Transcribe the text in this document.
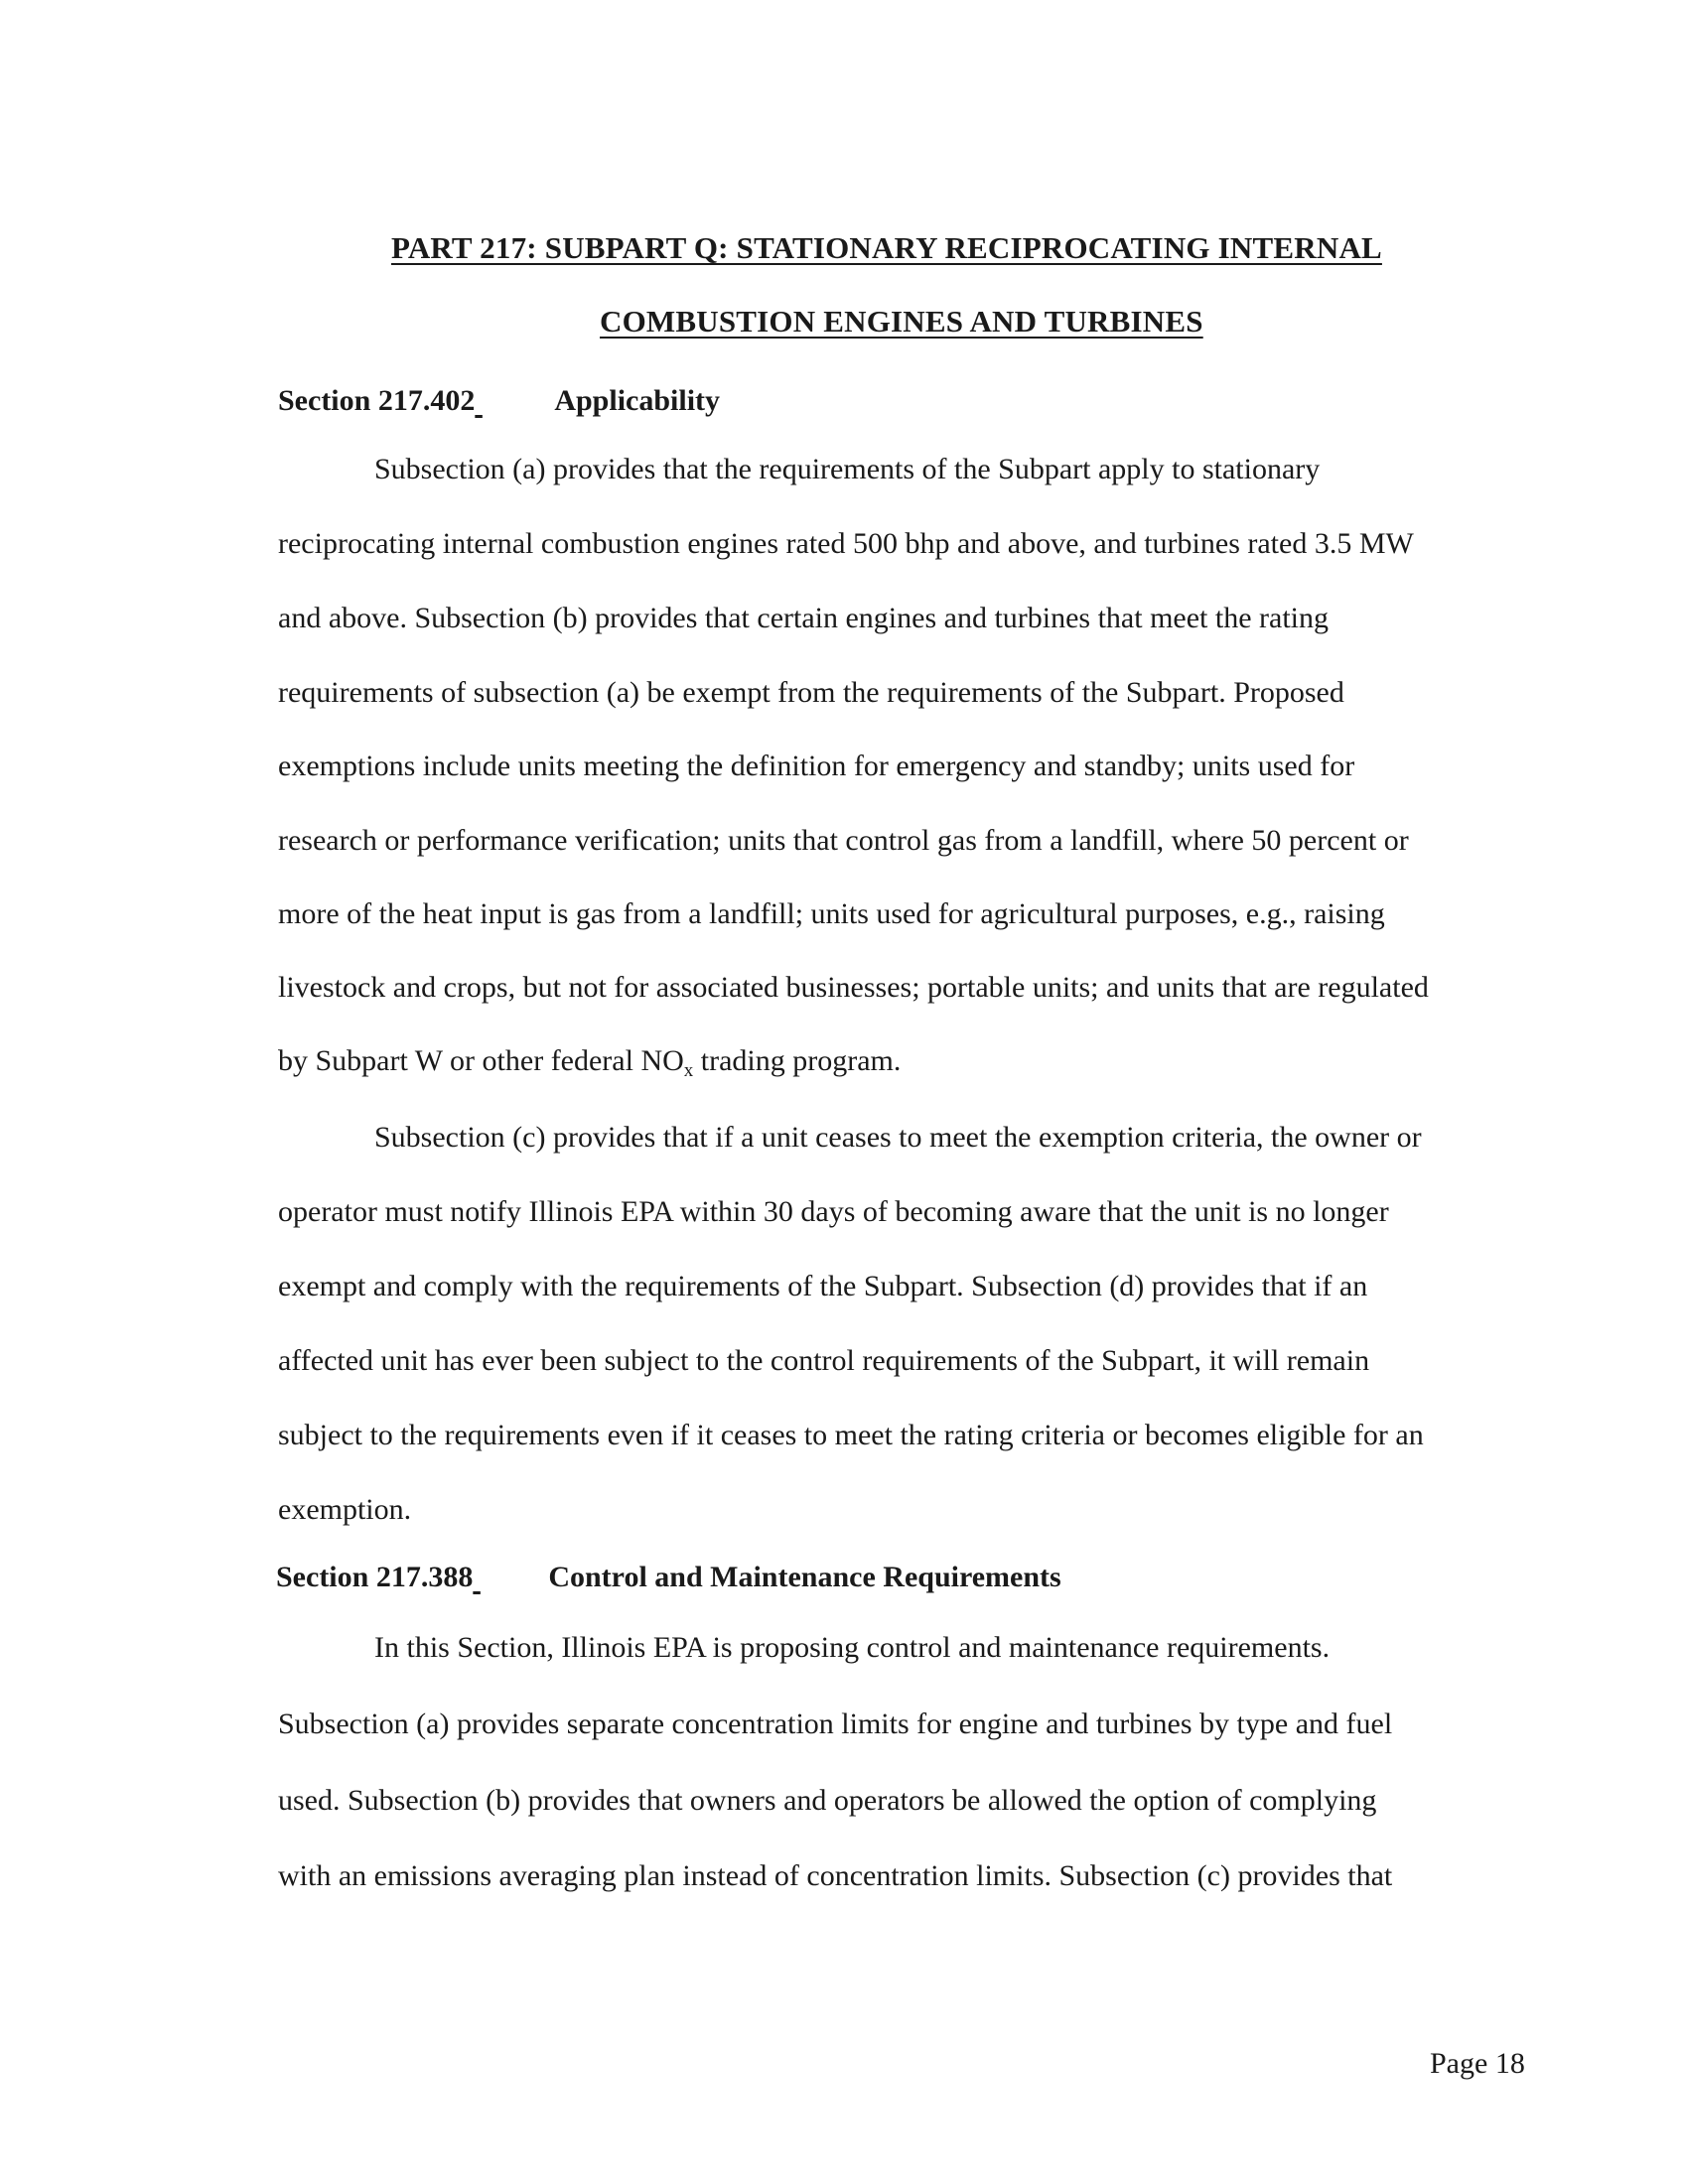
PART 217: SUBPART Q: STATIONARY RECIPROCATING INTERNAL
COMBUSTION ENGINES AND TURBINES
Section 217.402	Applicability
Subsection (a) provides that the requirements of the Subpart apply to stationary
reciprocating internal combustion engines rated 500 bhp and above, and turbines rated 3.5 MW
and above. Subsection (b) provides that certain engines and turbines that meet the rating
requirements of subsection (a) be exempt from the requirements of the Subpart. Proposed
exemptions include units meeting the definition for emergency and standby; units used for
research or performance verification; units that control gas from a landfill, where 50 percent or
more of the heat input is gas from a landfill; units used for agricultural purposes, e.g., raising
livestock and crops, but not for associated businesses; portable units; and units that are regulated
by Subpart W or other federal $NO_x$ trading program.
Subsection (c) provides that if a unit ceases to meet the exemption criteria, the owner or
operator must notify Illinois EPA within 30 days of becoming aware that the unit is no longer
exempt and comply with the requirements of the Subpart. Subsection (d) provides that if an
affected unit has ever been subject to the control requirements of the Subpart, it will remain
subject to the requirements even if it ceases to meet the rating criteria or becomes eligible for an
exemption.
Section 217.388	Control and Maintenance Requirements
In this Section, Illinois EPA is proposing control and maintenance requirements.
Subsection (a) provides separate concentration limits for engine and turbines by type and fuel
used. Subsection (b) provides that owners and operators be allowed the option of complying
with an emissions averaging plan instead of concentration limits. Subsection (c) provides that
Page 18
